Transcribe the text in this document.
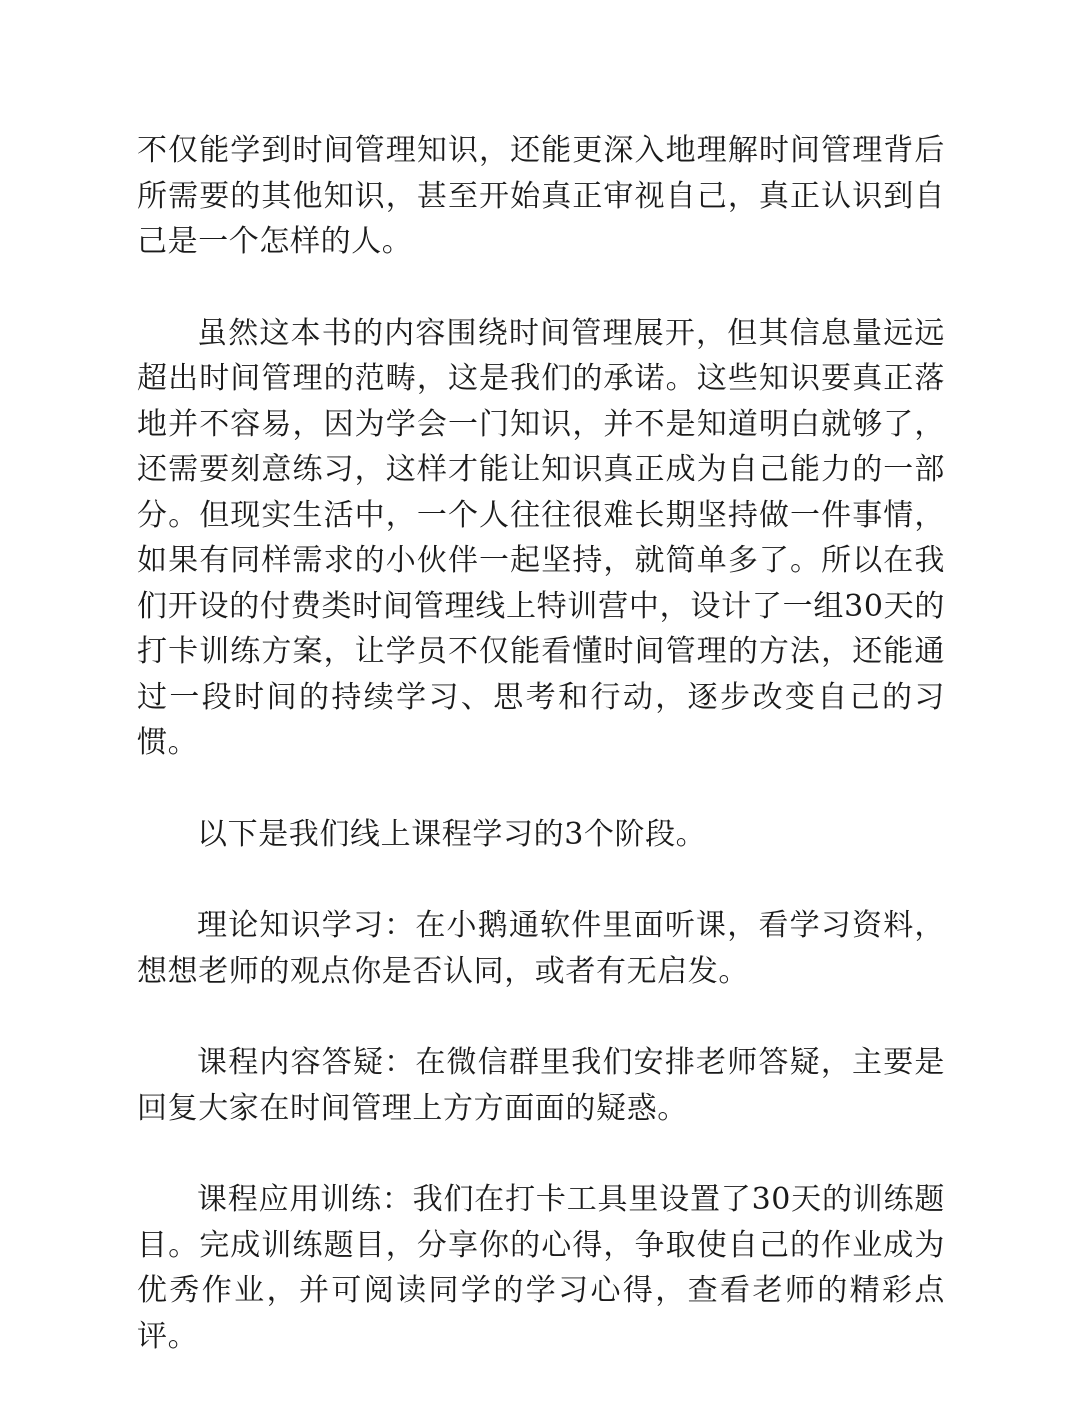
不仅能学到时间管理知识，还能更深入地理解时间管理背后所需要的其他知识，甚至开始真正审视自己，真正认识到自己是一个怎样的人。

虽然这本书的内容围绕时间管理展开，但其信息量远远超出时间管理的范畴，这是我们的承诺。这些知识要真正落地并不容易，因为学会一门知识，并不是知道明白就够了，还需要刻意练习，这样才能让知识真正成为自己能力的一部分。但现实生活中，一个人往往很难长期坚持做一件事情，如果有同样需求的小伙伴一起坚持，就简单多了。所以在我们开设的付费类时间管理线上特训营中，设计了一组30天的打卡训练方案，让学员不仅能看懂时间管理的方法，还能通过一段时间的持续学习、思考和行动，逐步改变自己的习惯。

以下是我们线上课程学习的3个阶段。

理论知识学习：在小鹅通软件里面听课，看学习资料，想想老师的观点你是否认同，或者有无启发。

课程内容答疑：在微信群里我们安排老师答疑，主要是回复大家在时间管理上方方面面的疑惑。

课程应用训练：我们在打卡工具里设置了30天的训练题目。完成训练题目，分享你的心得，争取使自己的作业成为优秀作业，并可阅读同学的学习心得，查看老师的精彩点评。
